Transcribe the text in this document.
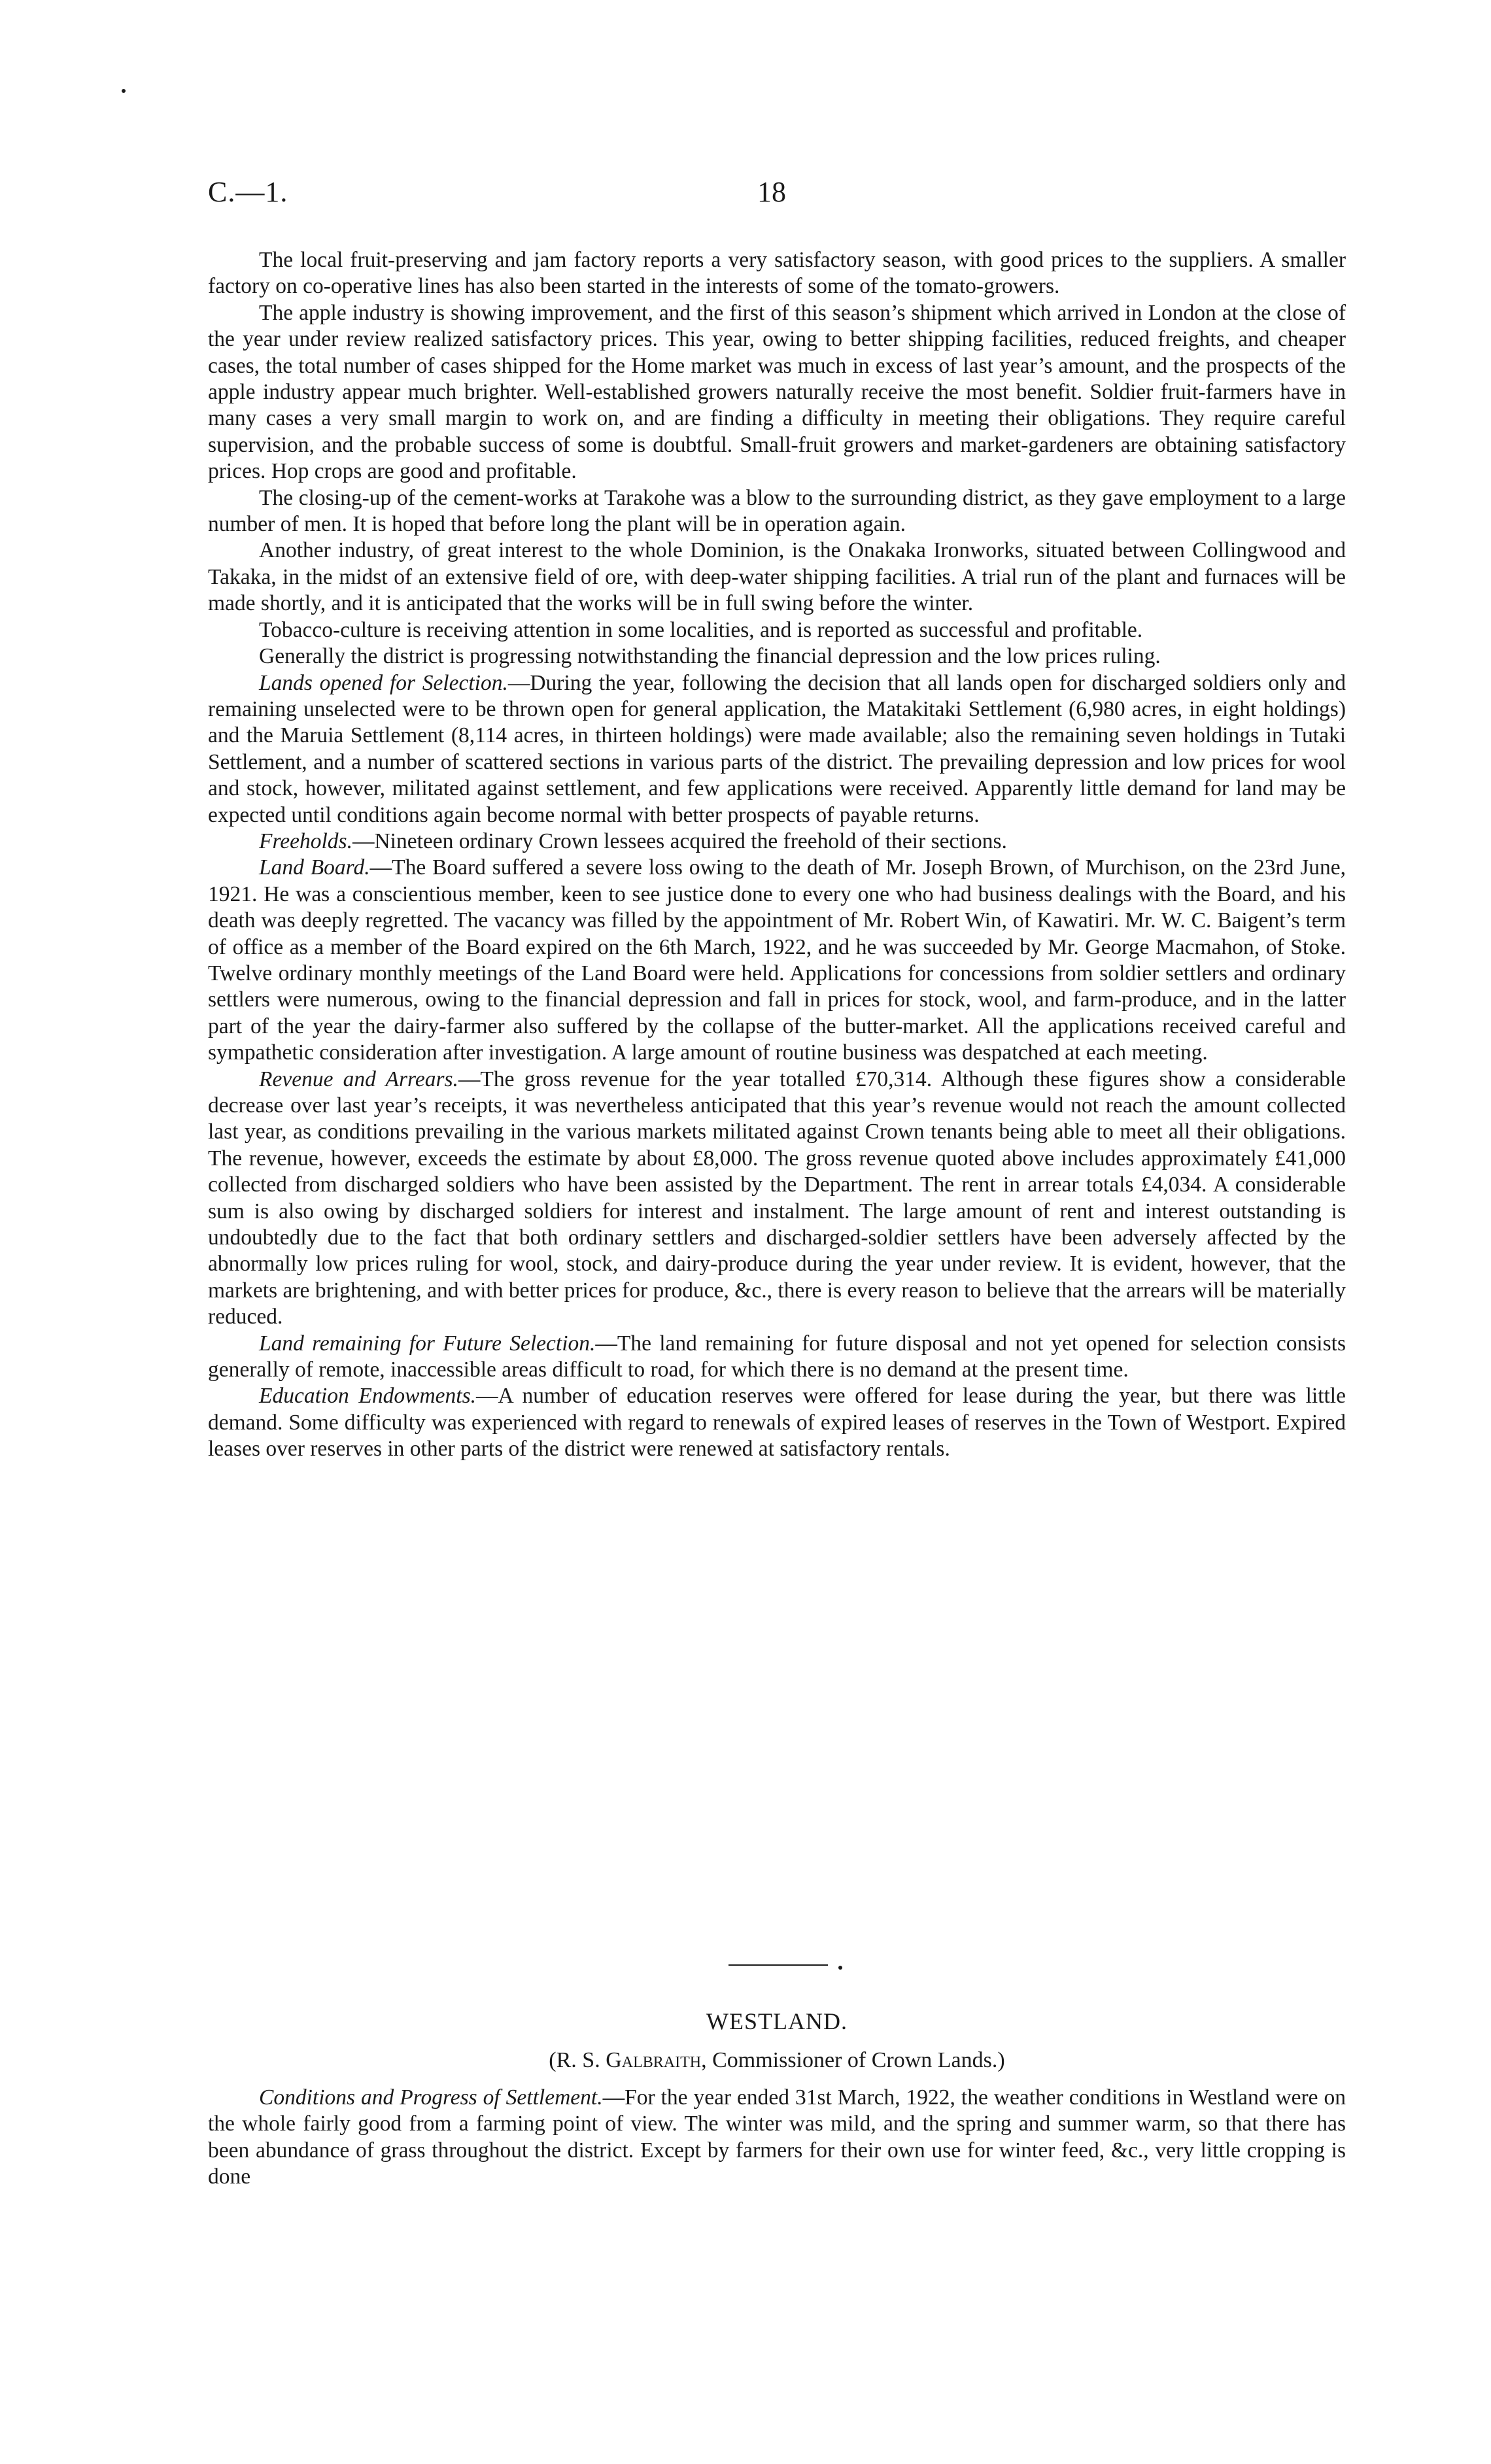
C.—1.	18

The local fruit-preserving and jam factory reports a very satisfactory season, with good prices to the suppliers. A smaller factory on co-operative lines has also been started in the interests of some of the tomato-growers.

The apple industry is showing improvement, and the first of this season’s shipment which arrived in London at the close of the year under review realized satisfactory prices. This year, owing to better shipping facilities, reduced freights, and cheaper cases, the total number of cases shipped for the Home market was much in excess of last year’s amount, and the prospects of the apple industry appear much brighter. Well-established growers naturally receive the most benefit. Soldier fruit-farmers have in many cases a very small margin to work on, and are finding a difficulty in meeting their obligations. They require careful supervision, and the probable success of some is doubtful. Small-fruit growers and market-gardeners are obtaining satisfactory prices. Hop crops are good and profitable.

The closing-up of the cement-works at Tarakohe was a blow to the surrounding district, as they gave employment to a large number of men. It is hoped that before long the plant will be in operation again.

Another industry, of great interest to the whole Dominion, is the Onakaka Ironworks, situated between Collingwood and Takaka, in the midst of an extensive field of ore, with deep-water shipping facilities. A trial run of the plant and furnaces will be made shortly, and it is anticipated that the works will be in full swing before the winter.

Tobacco-culture is receiving attention in some localities, and is reported as successful and profitable.

Generally the district is progressing notwithstanding the financial depression and the low prices ruling.

Lands opened for Selection.—During the year, following the decision that all lands open for discharged soldiers only and remaining unselected were to be thrown open for general application, the Matakitaki Settlement (6,980 acres, in eight holdings) and the Maruia Settlement (8,114 acres, in thirteen holdings) were made available; also the remaining seven holdings in Tutaki Settlement, and a number of scattered sections in various parts of the district. The prevailing depression and low prices for wool and stock, however, militated against settlement, and few applications were received. Apparently little demand for land may be expected until conditions again become normal with better prospects of payable returns.

Freeholds.—Nineteen ordinary Crown lessees acquired the freehold of their sections.

Land Board.—The Board suffered a severe loss owing to the death of Mr. Joseph Brown, of Murchison, on the 23rd June, 1921. He was a conscientious member, keen to see justice done to every one who had business dealings with the Board, and his death was deeply regretted. The vacancy was filled by the appointment of Mr. Robert Win, of Kawatiri. Mr. W. C. Baigent’s term of office as a member of the Board expired on the 6th March, 1922, and he was succeeded by Mr. George Macmahon, of Stoke. Twelve ordinary monthly meetings of the Land Board were held. Applications for concessions from soldier settlers and ordinary settlers were numerous, owing to the financial depression and fall in prices for stock, wool, and farm-produce, and in the latter part of the year the dairy-farmer also suffered by the collapse of the butter-market. All the applications received careful and sympathetic consideration after investigation. A large amount of routine business was despatched at each meeting.

Revenue and Arrears.—The gross revenue for the year totalled £70,314. Although these figures show a considerable decrease over last year’s receipts, it was nevertheless anticipated that this year’s revenue would not reach the amount collected last year, as conditions prevailing in the various markets militated against Crown tenants being able to meet all their obligations. The revenue, however, exceeds the estimate by about £8,000. The gross revenue quoted above includes approximately £41,000 collected from discharged soldiers who have been assisted by the Department. The rent in arrear totals £4,034. A considerable sum is also owing by discharged soldiers for interest and instalment. The large amount of rent and interest outstanding is undoubtedly due to the fact that both ordinary settlers and discharged-soldier settlers have been adversely affected by the abnormally low prices ruling for wool, stock, and dairy-produce during the year under review. It is evident, however, that the markets are brightening, and with better prices for produce, &c., there is every reason to believe that the arrears will be materially reduced.

Land remaining for Future Selection.—The land remaining for future disposal and not yet opened for selection consists generally of remote, inaccessible areas difficult to road, for which there is no demand at the present time.

Education Endowments.—A number of education reserves were offered for lease during the year, but there was little demand. Some difficulty was experienced with regard to renewals of expired leases of reserves in the Town of Westport. Expired leases over reserves in other parts of the district were renewed at satisfactory rentals.

WESTLAND.
(R. S. Galbraith, Commissioner of Crown Lands.)

Conditions and Progress of Settlement.—For the year ended 31st March, 1922, the weather conditions in Westland were on the whole fairly good from a farming point of view. The winter was mild, and the spring and summer warm, so that there has been abundance of grass throughout the district. Except by farmers for their own use for winter feed, &c., very little cropping is done
